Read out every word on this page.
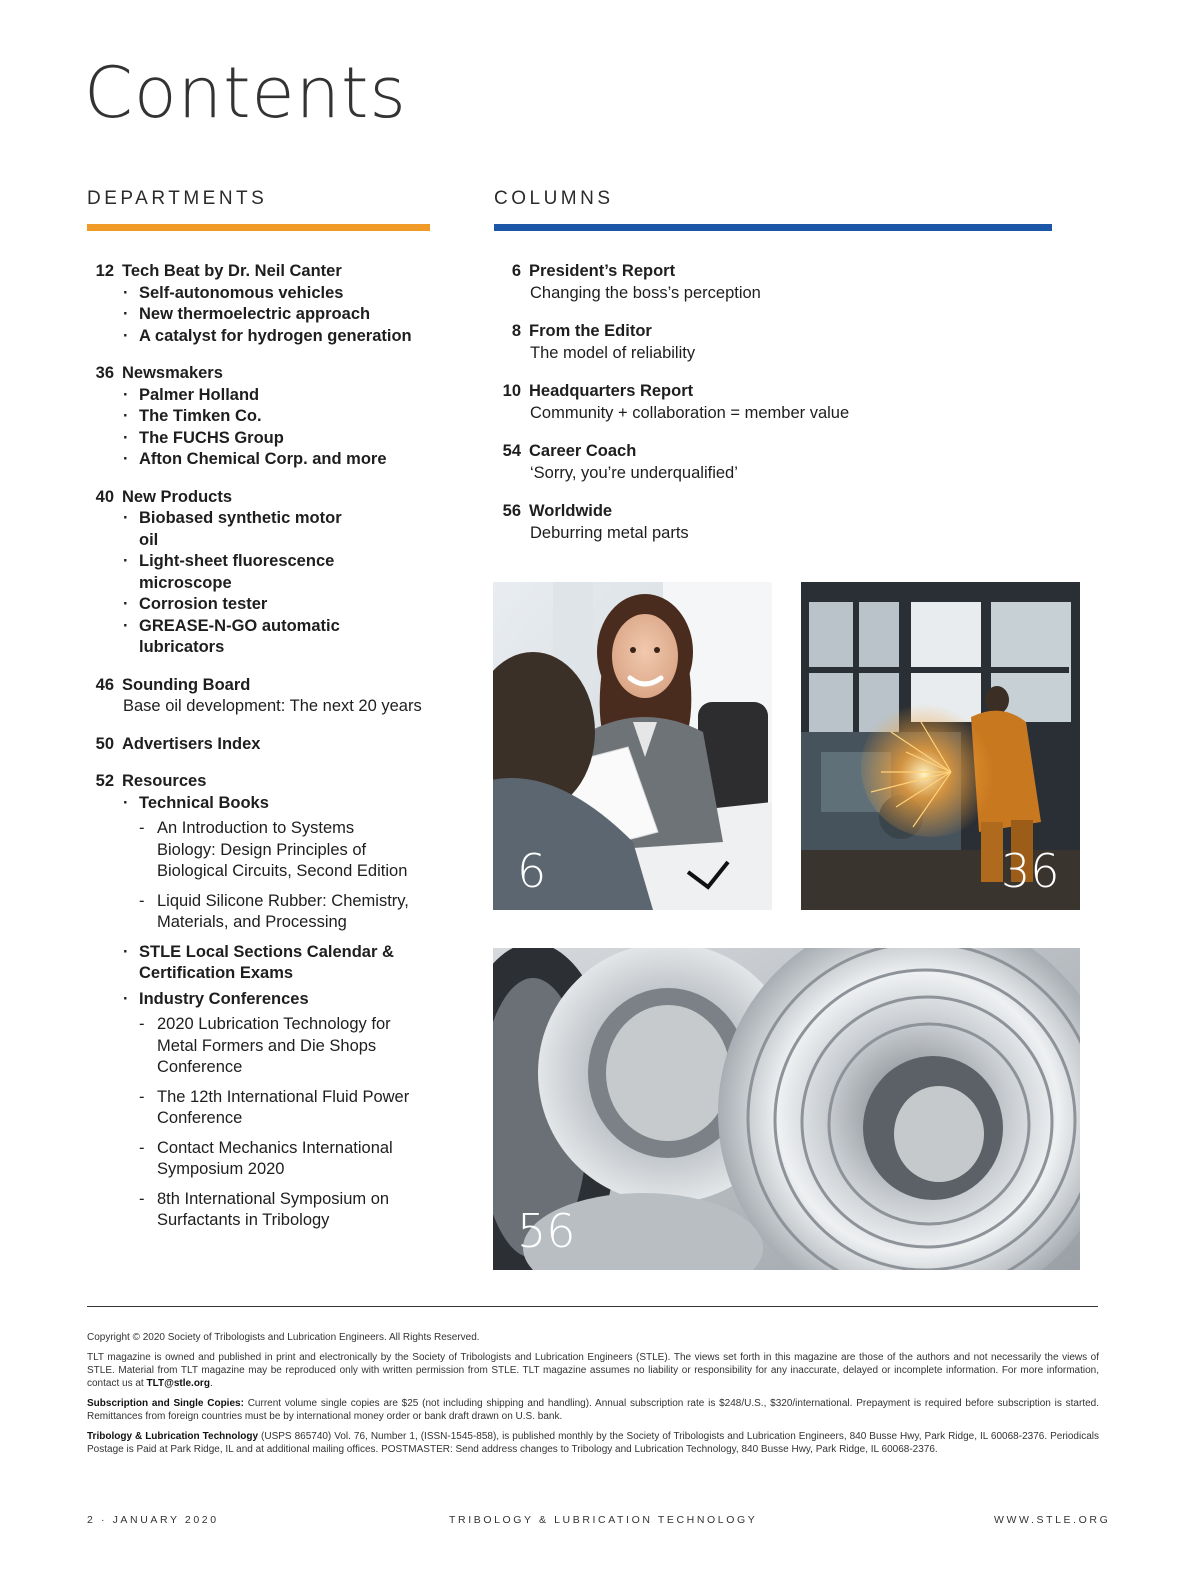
Contents
DEPARTMENTS	COLUMNS
12 Tech Beat by Dr. Neil Canter
· Self-autonomous vehicles
· New thermoelectric approach
· A catalyst for hydrogen generation
36 Newsmakers
· Palmer Holland
· The Timken Co.
· The FUCHS Group
· Afton Chemical Corp. and more
40 New Products
· Biobased synthetic motor oil
· Light-sheet fluorescence microscope
· Corrosion tester
· GREASE-N-GO automatic lubricators
46 Sounding Board
Base oil development: The next 20 years
50 Advertisers Index
52 Resources
· Technical Books
- An Introduction to Systems Biology: Design Principles of Biological Circuits, Second Edition
- Liquid Silicone Rubber: Chemistry, Materials, and Processing
· STLE Local Sections Calendar & Certification Exams
· Industry Conferences
- 2020 Lubrication Technology for Metal Formers and Die Shops Conference
- The 12th International Fluid Power Conference
- Contact Mechanics International Symposium 2020
- 8th International Symposium on Surfactants in Tribology
6 President’s Report
Changing the boss’s perception
8 From the Editor
The model of reliability
10 Headquarters Report
Community + collaboration = member value
54 Career Coach
‘Sorry, you’re underqualified’
56 Worldwide
Deburring metal parts
6	36
56
Copyright © 2020 Society of Tribologists and Lubrication Engineers. All Rights Reserved.
TLT magazine is owned and published in print and electronically by the Society of Tribologists and Lubrication Engineers (STLE). The views set forth in this magazine are those of the authors and not necessarily the views of STLE. Material from TLT magazine may be reproduced only with written permission from STLE. TLT magazine assumes no liability or responsibility for any inaccurate, delayed or incomplete information. For more information, contact us at TLT@stle.org.
Subscription and Single Copies: Current volume single copies are $25 (not including shipping and handling). Annual subscription rate is $248/U.S., $320/international. Prepayment is required before subscription is started. Remittances from foreign countries must be by international money order or bank draft drawn on U.S. bank.
Tribology & Lubrication Technology (USPS 865740) Vol. 76, Number 1, (ISSN-1545-858), is published monthly by the Society of Tribologists and Lubrication Engineers, 840 Busse Hwy, Park Ridge, IL 60068-2376. Periodicals Postage is Paid at Park Ridge, IL and at additional mailing offices. POSTMASTER: Send address changes to Tribology and Lubrication Technology, 840 Busse Hwy, Park Ridge, IL 60068-2376.
2 · JANUARY 2020	TRIBOLOGY & LUBRICATION TECHNOLOGY	WWW.STLE.ORG
